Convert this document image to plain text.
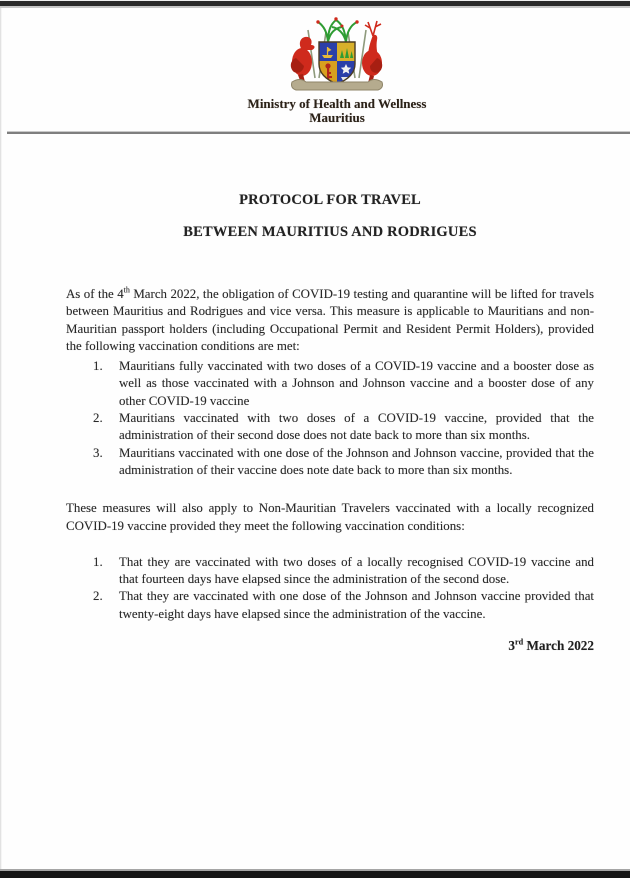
Ministry of Health and Wellness
Mauritius
PROTOCOL FOR TRAVEL
BETWEEN MAURITIUS AND RODRIGUES

As of the 4th March 2022, the obligation of COVID-19 testing and quarantine will be lifted for travels between Mauritius and Rodrigues and vice versa. This measure is applicable to Mauritians and non-Mauritian passport holders (including Occupational Permit and Resident Permit Holders), provided the following vaccination conditions are met:

1.	Mauritians fully vaccinated with two doses of a COVID-19 vaccine and a booster dose as well as those vaccinated with a Johnson and Johnson vaccine and a booster dose of any other COVID-19 vaccine
2.	Mauritians vaccinated with two doses of a COVID-19 vaccine, provided that the administration of their second dose does not date back to more than six months.
3.	Mauritians vaccinated with one dose of the Johnson and Johnson vaccine, provided that the administration of their vaccine does note date back to more than six months.

These measures will also apply to Non-Mauritian Travelers vaccinated with a locally recognized COVID-19 vaccine provided they meet the following vaccination conditions:

1.	That they are vaccinated with two doses of a locally recognised COVID-19 vaccine and that fourteen days have elapsed since the administration of the second dose.
2.	That they are vaccinated with one dose of the Johnson and Johnson vaccine provided that twenty-eight days have elapsed since the administration of the vaccine.

3rd March 2022
